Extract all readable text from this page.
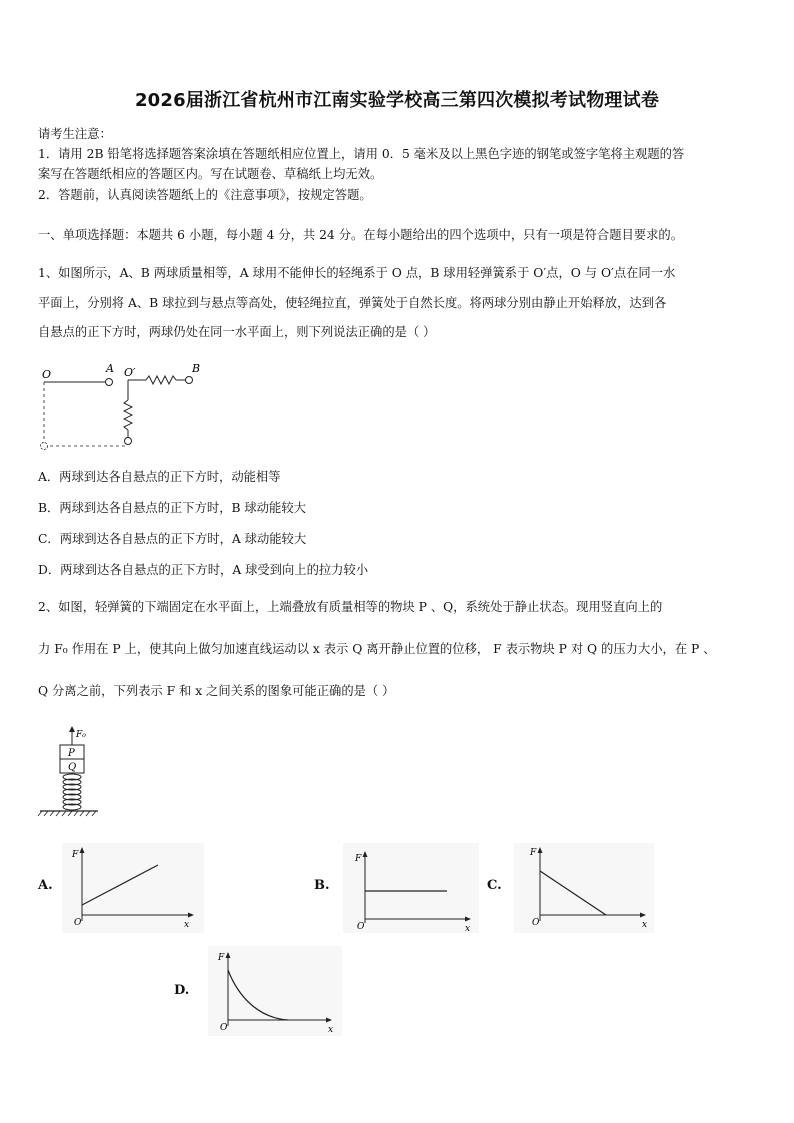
2026届浙江省杭州市江南实验学校高三第四次模拟考试物理试卷
请考生注意：
1．请用 2B 铅笔将选择题答案涂填在答题纸相应位置上，请用 0．5 毫米及以上黑色字迹的钢笔或签字笔将主观题的答
案写在答题纸相应的答题区内。写在试题卷、草稿纸上均无效。
2．答题前，认真阅读答题纸上的《注意事项》，按规定答题。
一、单项选择题：本题共 6 小题，每小题 4 分，共 24 分。在每小题给出的四个选项中，只有一项是符合题目要求的。
1、如图所示，A、B 两球质量相等，A 球用不能伸长的轻绳系于 O 点，B 球用轻弹簧系于 O′点，O 与 O′点在同一水
平面上，分别将 A、B 球拉到与悬点等高处，使轻绳拉直，弹簧处于自然长度。将两球分别由静止开始释放，达到各
自悬点的正下方时，两球仍处在同一水平面上，则下列说法正确的是（ ）
O	A O′	B
A．两球到达各自悬点的正下方时，动能相等
B．两球到达各自悬点的正下方时，B 球动能较大
C．两球到达各自悬点的正下方时，A 球动能较大
D．两球到达各自悬点的正下方时，A 球受到向上的拉力较小
2、如图，轻弹簧的下端固定在水平面上，上端叠放有质量相等的物块 P 、Q，系统处于静止状态。现用竖直向上的
力 F₀ 作用在 P 上，使其向上做匀加速直线运动以 x 表示 Q 离开静止位置的位移， F 表示物块 P 对 Q 的压力大小，在 P 、
Q 分离之前，下列表示 F 和 x 之间关系的图象可能正确的是（ ）
F₀
P
Q
A.
F
x
O
B.
F
x
O
C.
F
x
O
D.
F
x
O
